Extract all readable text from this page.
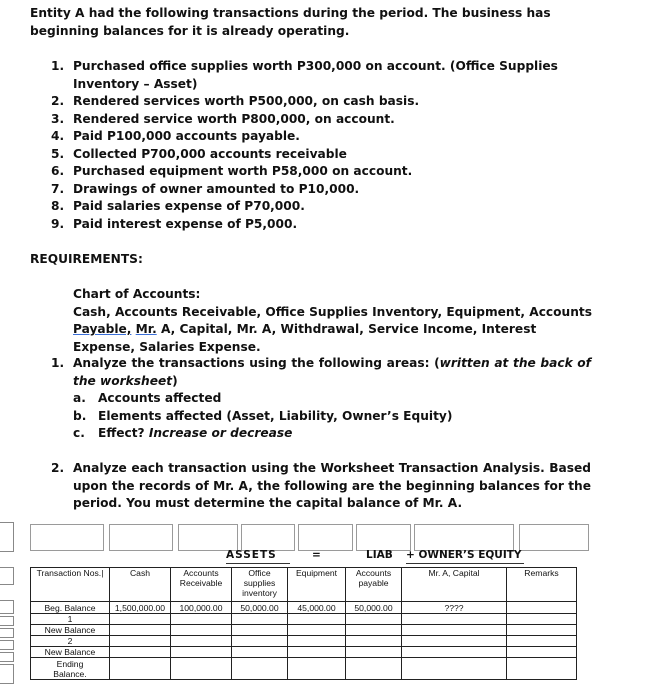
Entity A had the following transactions during the period. The business has beginning balances for it is already operating.
1. Purchased office supplies worth P300,000 on account. (Office Supplies Inventory – Asset)
2. Rendered services worth P500,000, on cash basis.
3. Rendered service worth P800,000, on account.
4. Paid P100,000 accounts payable.
5. Collected P700,000 accounts receivable
6. Purchased equipment worth P58,000 on account.
7. Drawings of owner amounted to P10,000.
8. Paid salaries expense of P70,000.
9. Paid interest expense of P5,000.
REQUIREMENTS:
Chart of Accounts:
Cash, Accounts Receivable, Office Supplies Inventory, Equipment, Accounts Payable, Mr. A, Capital, Mr. A, Withdrawal, Service Income, Interest Expense, Salaries Expense.
1. Analyze the transactions using the following areas: (written at the back of the worksheet)
a. Accounts affected
b. Elements affected (Asset, Liability, Owner’s Equity)
c.	Effect? Increase or decrease
2. Analyze each transaction using the Worksheet Transaction Analysis. Based upon the records of Mr. A, the following are the beginning balances for the period. You must determine the capital balance of Mr. A.
ASSETS	=	LIAB + OWNER’S EQUITY
Transaction Nos.|	Cash	Accounts Receivable	Office supplies inventory	Equipment	Accounts payable	Mr. A, Capital	Remarks
Beg. Balance	1,500,000.00	100,000.00	50,000.00	45,000.00	50,000.00	????	
1							
New Balance							
2							
New Balance							
Ending Balance.							
